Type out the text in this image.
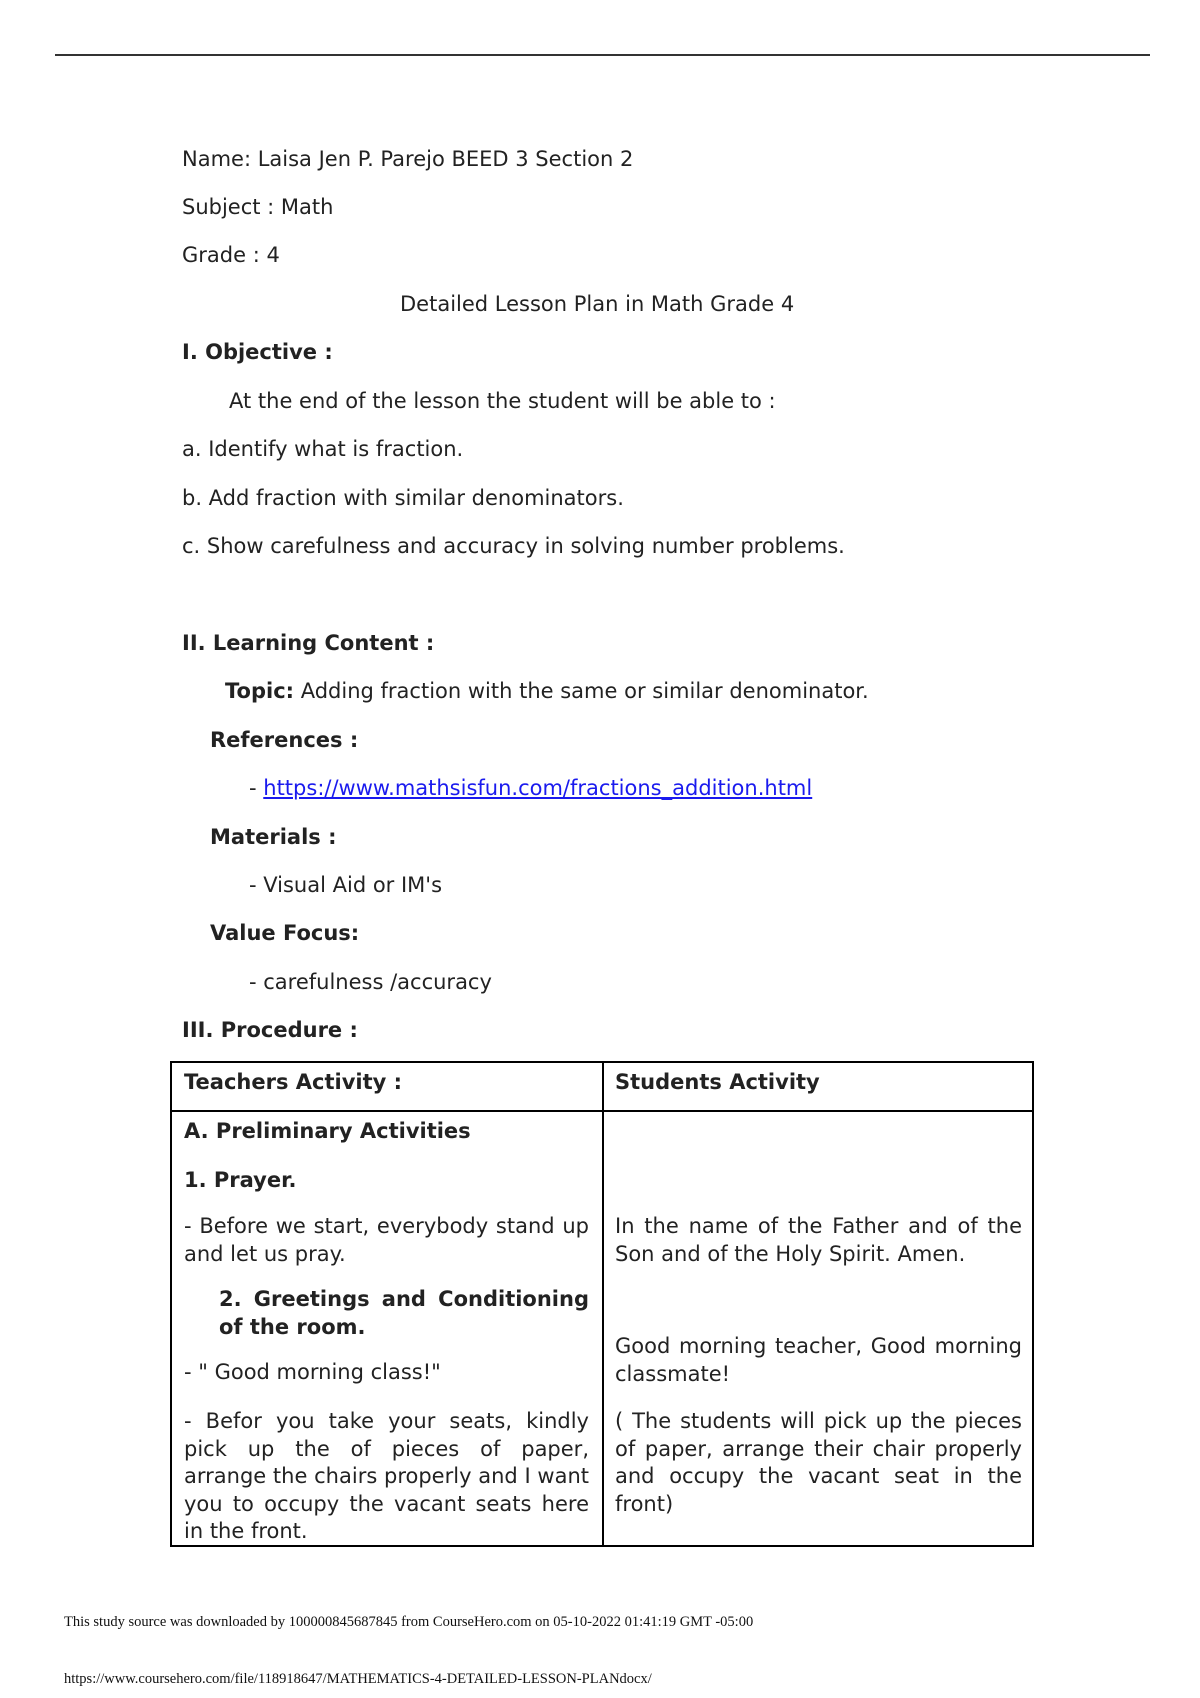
Name: Laisa Jen P. Parejo BEED 3 Section 2
Subject : Math
Grade : 4
Detailed Lesson Plan in Math Grade 4
I. Objective :
At the end of the lesson the student will be able to :
a. Identify what is fraction.
b. Add fraction with similar denominators.
c. Show carefulness and accuracy in solving number problems.
II. Learning Content :
Topic: Adding fraction with the same or similar denominator.
References :
- https://www.mathsisfun.com/fractions_addition.html
Materials :
- Visual Aid or IM's
Value Focus:
- carefulness /accuracy
III. Procedure :
Teachers Activity :	Students Activity
A. Preliminary Activities
1. Prayer.
- Before we start, everybody stand up and let us pray.
In the name of the Father and of the Son and of the Holy Spirit. Amen.
2. Greetings and Conditioning of the room.
- " Good morning class!"
Good morning teacher, Good morning classmate!
- Befor you take your seats, kindly pick up the of pieces of paper, arrange the chairs properly and I want you to occupy the vacant seats here in the front.
( The students will pick up the pieces of paper, arrange their chair properly and occupy the vacant seat in the front)
This study source was downloaded by 100000845687845 from CourseHero.com on 05-10-2022 01:41:19 GMT -05:00
https://www.coursehero.com/file/118918647/MATHEMATICS-4-DETAILED-LESSON-PLANdocx/
